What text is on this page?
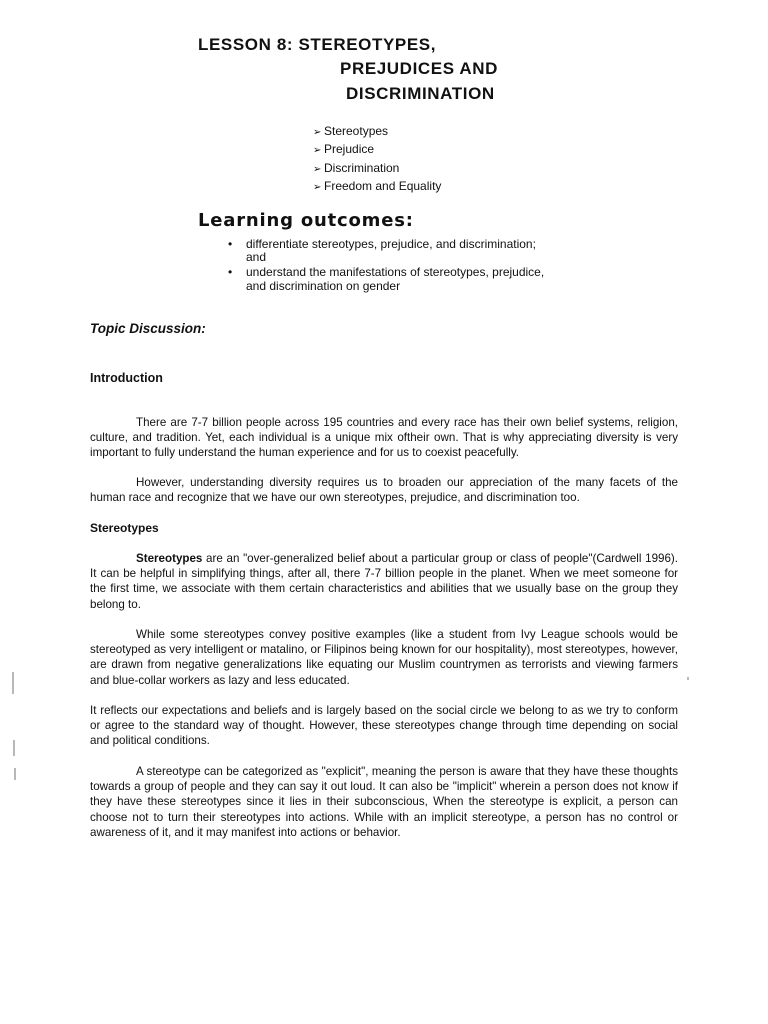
LESSON 8: STEREOTYPES,
PREJUDICES AND
DISCRIMINATION
➢ Stereotypes
➢ Prejudice
➢ Discrimination
➢ Freedom and Equality
Learning outcomes:
• differentiate stereotypes, prejudice, and discrimination; and
• understand the manifestations of stereotypes, prejudice, and discrimination on gender
Topic Discussion:
Introduction

There are 7-7 billion people across 195 countries and every race has their own belief systems, religion, culture, and tradition. Yet, each individual is a unique mix oftheir own. That is why appreciating diversity is very important to fully understand the human experience and for us to coexist peacefully.

However, understanding diversity requires us to broaden our appreciation of the many facets of the human race and recognize that we have our own stereotypes, prejudice, and discrimination too.

Stereotypes

Stereotypes are an "over-generalized belief about a particular group or class of people"(Cardwell 1996). It can be helpful in simplifying things, after all, there 7-7 billion people in the planet. When we meet someone for the first time, we associate with them certain characteristics and abilities that we usually base on the group they belong to.

While some stereotypes convey positive examples (like a student from Ivy League schools would be stereotyped as very intelligent or matalino, or Filipinos being known for our hospitality), most stereotypes, however, are drawn from negative generalizations like equating our Muslim countrymen as terrorists and viewing farmers and blue-collar workers as lazy and less educated.

It reflects our expectations and beliefs and is largely based on the social circle we belong to as we try to conform or agree to the standard way of thought. However, these stereotypes change through time depending on social and political conditions.

A stereotype can be categorized as "explicit", meaning the person is aware that they have these thoughts towards a group of people and they can say it out loud. It can also be "implicit" wherein a person does not know if they have these stereotypes since it lies in their subconscious, When the stereotype is explicit, a person can choose not to turn their stereotypes into actions. While with an implicit stereotype, a person has no control or awareness of it, and it may manifest into actions or behavior.
